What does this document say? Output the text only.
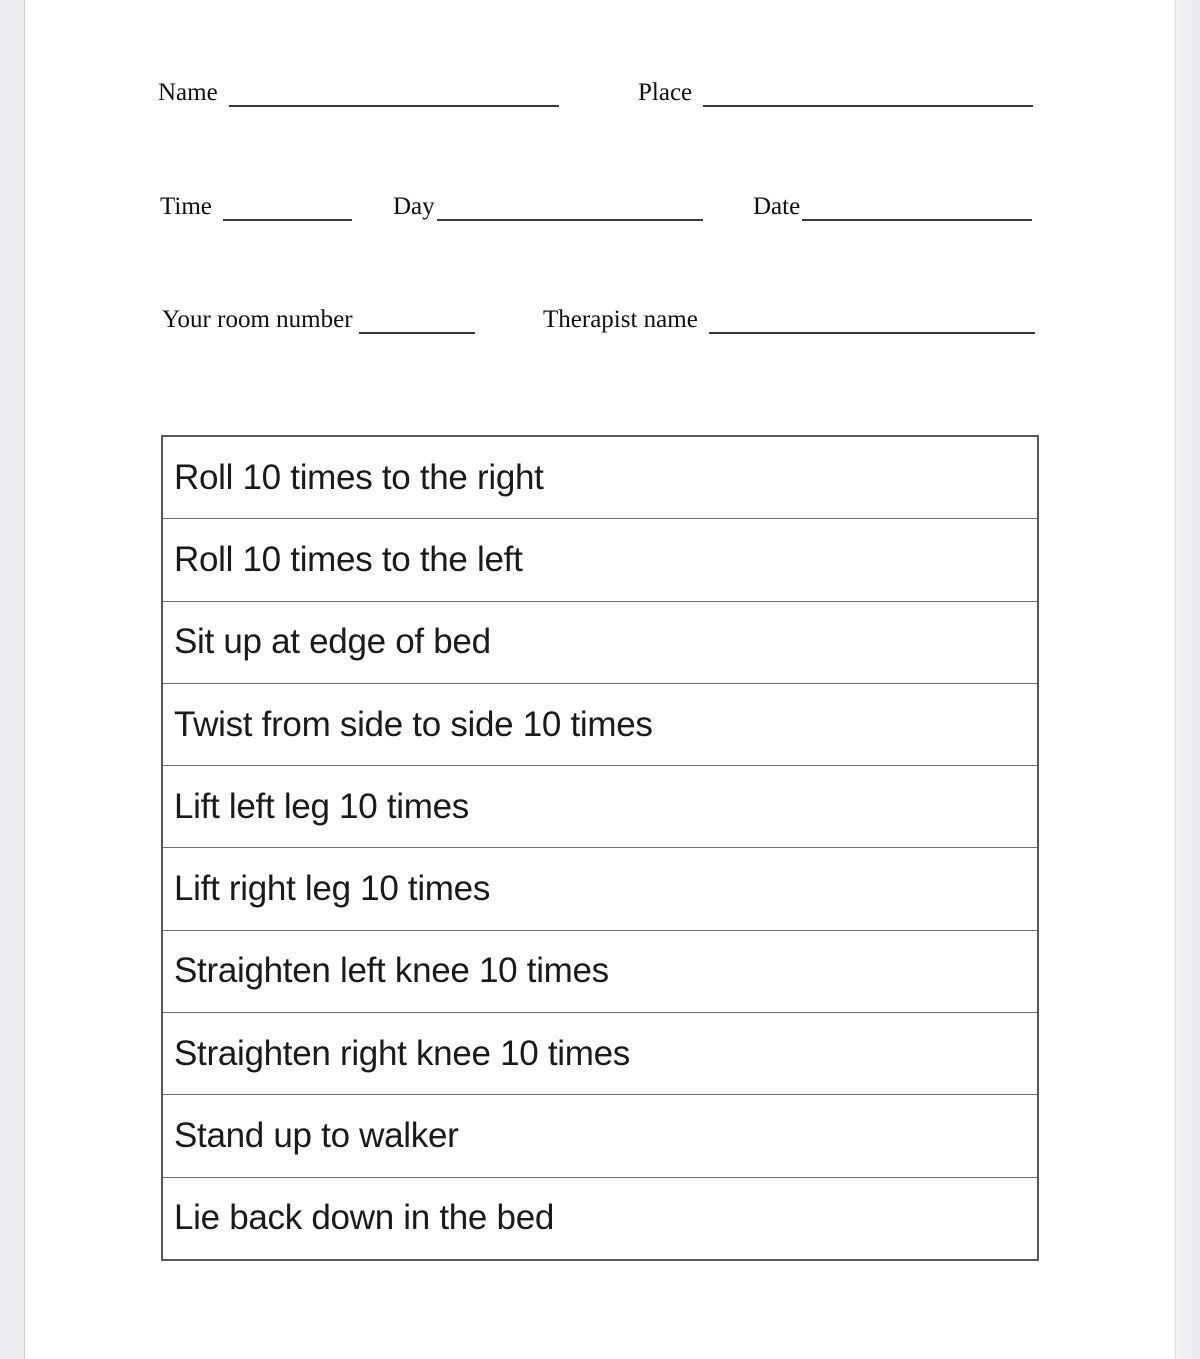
Name	Place
Time	Day	Date
Your room number	Therapist name
Roll 10 times to the right
Roll 10 times to the left
Sit up at edge of bed
Twist from side to side 10 times
Lift left leg 10 times
Lift right leg 10 times
Straighten left knee 10 times
Straighten right knee 10 times
Stand up to walker
Lie back down in the bed
